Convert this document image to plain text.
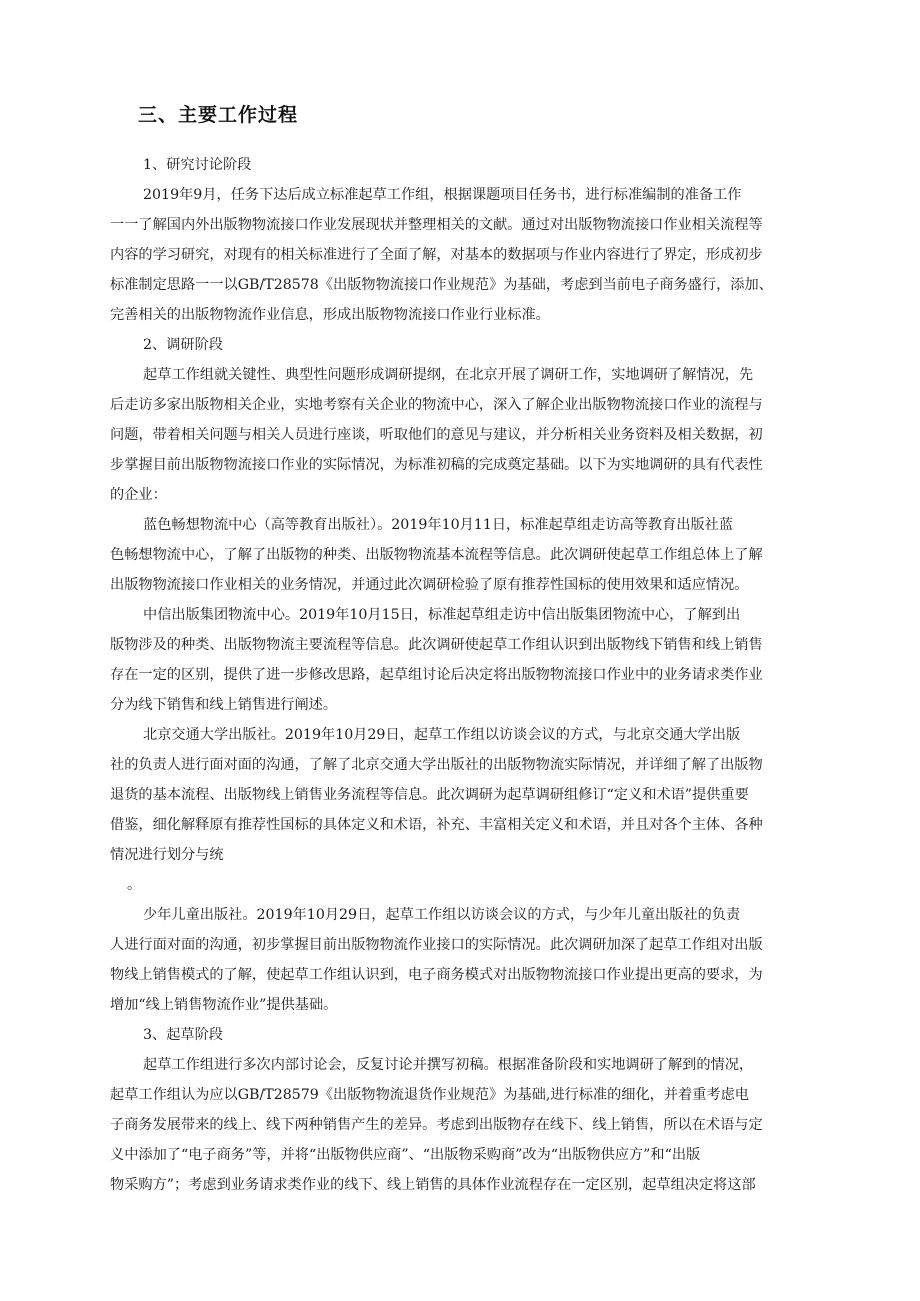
三、主要工作过程
1、研究讨论阶段

2019年9月，任务下达后成立标准起草工作组，根据课题项目任务书，进行标准编制的准备工作
一一了解国内外出版物物流接口作业发展现状并整理相关的文献。通过对出版物物流接口作业相关流程等
内容的学习研究，对现有的相关标准进行了全面了解，对基本的数据项与作业内容进行了界定，形成初步
标准制定思路一一以GB/T28578《出版物物流接口作业规范》为基础，考虑到当前电子商务盛行，添加、
完善相关的出版物物流作业信息，形成出版物物流接口作业行业标准。

2、调研阶段

起草工作组就关键性、典型性问题形成调研提纲，在北京开展了调研工作，实地调研了解情况，先
后走访多家出版物相关企业，实地考察有关企业的物流中心，深入了解企业出版物物流接口作业的流程与
问题，带着相关问题与相关人员进行座谈，听取他们的意见与建议，并分析相关业务资料及相关数据，初
步掌握目前出版物物流接口作业的实际情况，为标准初稿的完成奠定基础。以下为实地调研的具有代表性
的企业：

蓝色畅想物流中心（高等教育出版社）。2019年10月11日，标准起草组走访高等教育出版社蓝
色畅想物流中心，了解了出版物的种类、出版物物流基本流程等信息。此次调研使起草工作组总体上了解
出版物物流接口作业相关的业务情况，并通过此次调研检验了原有推荐性国标的使用效果和适应情况。

中信出版集团物流中心。2019年10月15日，标准起草组走访中信出版集团物流中心，了解到出
版物涉及的种类、出版物物流主要流程等信息。此次调研使起草工作组认识到出版物线下销售和线上销售
存在一定的区别，提供了进一步修改思路，起草组讨论后决定将出版物物流接口作业中的业务请求类作业
分为线下销售和线上销售进行阐述。

北京交通大学出版社。2019年10月29日，起草工作组以访谈会议的方式，与北京交通大学出版
社的负责人进行面对面的沟通，了解了北京交通大学出版社的出版物物流实际情况，并详细了解了出版物
退货的基本流程、出版物线上销售业务流程等信息。此次调研为起草调研组修订“定义和术语”提供重要
借鉴，细化解释原有推荐性国标的具体定义和术语，补充、丰富相关定义和术语，并且对各个主体、各种
情况进行划分与统

。

少年儿童出版社。2019年10月29日，起草工作组以访谈会议的方式，与少年儿童出版社的负责
人进行面对面的沟通，初步掌握目前出版物物流作业接口的实际情况。此次调研加深了起草工作组对出版
物线上销售模式的了解，使起草工作组认识到，电子商务模式对出版物物流接口作业提出更高的要求，为
增加“线上销售物流作业”提供基础。

3、起草阶段

起草工作组进行多次内部讨论会，反复讨论并撰写初稿。根据准备阶段和实地调研了解到的情况，
起草工作组认为应以GB/T28579《出版物物流退货作业规范》为基础,进行标准的细化，并着重考虑电
子商务发展带来的线上、线下两种销售产生的差异。考虑到出版物存在线下、线上销售，所以在术语与定
义中添加了“电子商务”等，并将“出版物供应商”、“出版物采购商”改为“出版物供应方”和“出版
物采购方”；考虑到业务请求类作业的线下、线上销售的具体作业流程存在一定区别，起草组决定将这部
